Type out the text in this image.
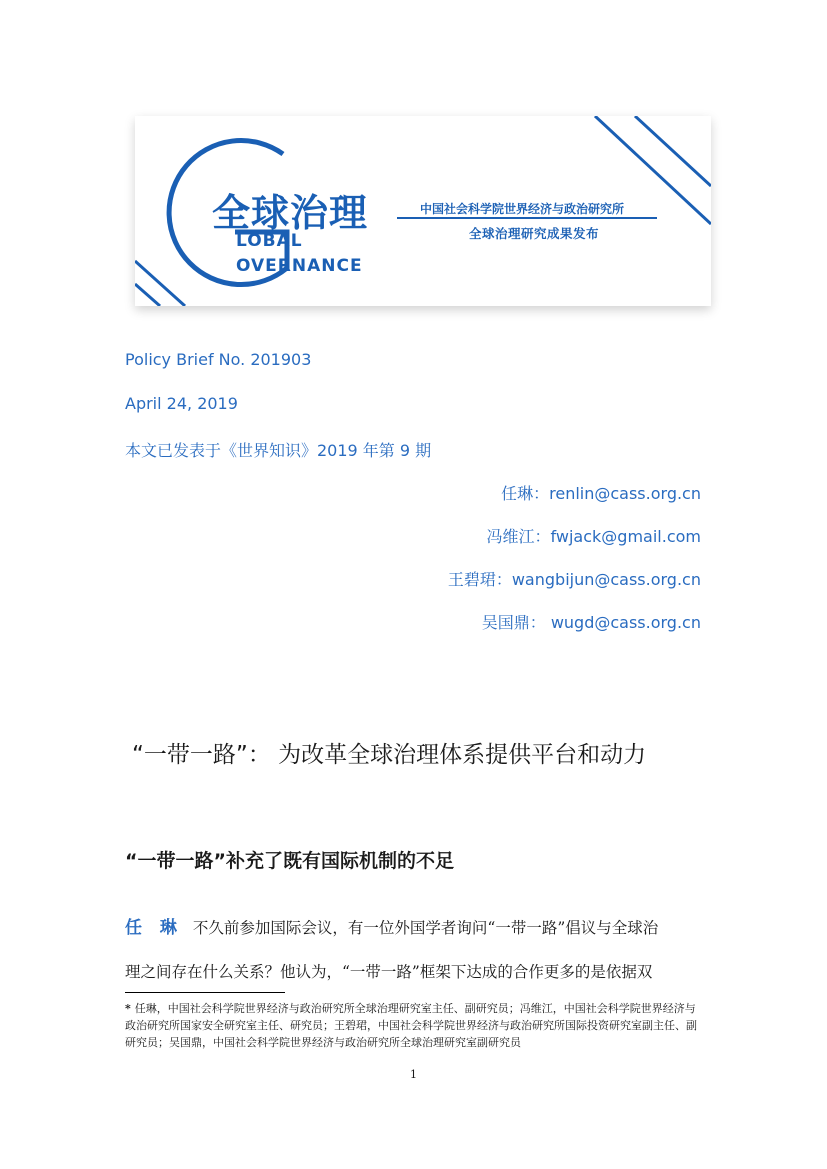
全球治理	中国社会科学院世界经济与政治研究所
全球治理研究成果发布
LOBAL
OVERNANCE
Policy Brief No. 201903
April 24, 2019
本文已发表于《世界知识》2019 年第 9 期
任琳：renlin@cass.org.cn
冯维江：fwjack@gmail.com
王碧珺：wangbijun@cass.org.cn
吴国鼎： wugd@cass.org.cn
“一带一路”： 为改革全球治理体系提供平台和动力
“一带一路”补充了既有国际机制的不足
任 琳 不久前参加国际会议，有一位外国学者询问“一带一路”倡议与全球治
理之间存在什么关系？他认为，“一带一路”框架下达成的合作更多的是依据双
* 任琳，中国社会科学院世界经济与政治研究所全球治理研究室主任、副研究员；冯维江，中国社会科学院世界经济与政治研究所国家安全研究室主任、研究员；王碧珺，中国社会科学院世界经济与政治研究所国际投资研究室副主任、副研究员；吴国鼎，中国社会科学院世界经济与政治研究所全球治理研究室副研究员
1
